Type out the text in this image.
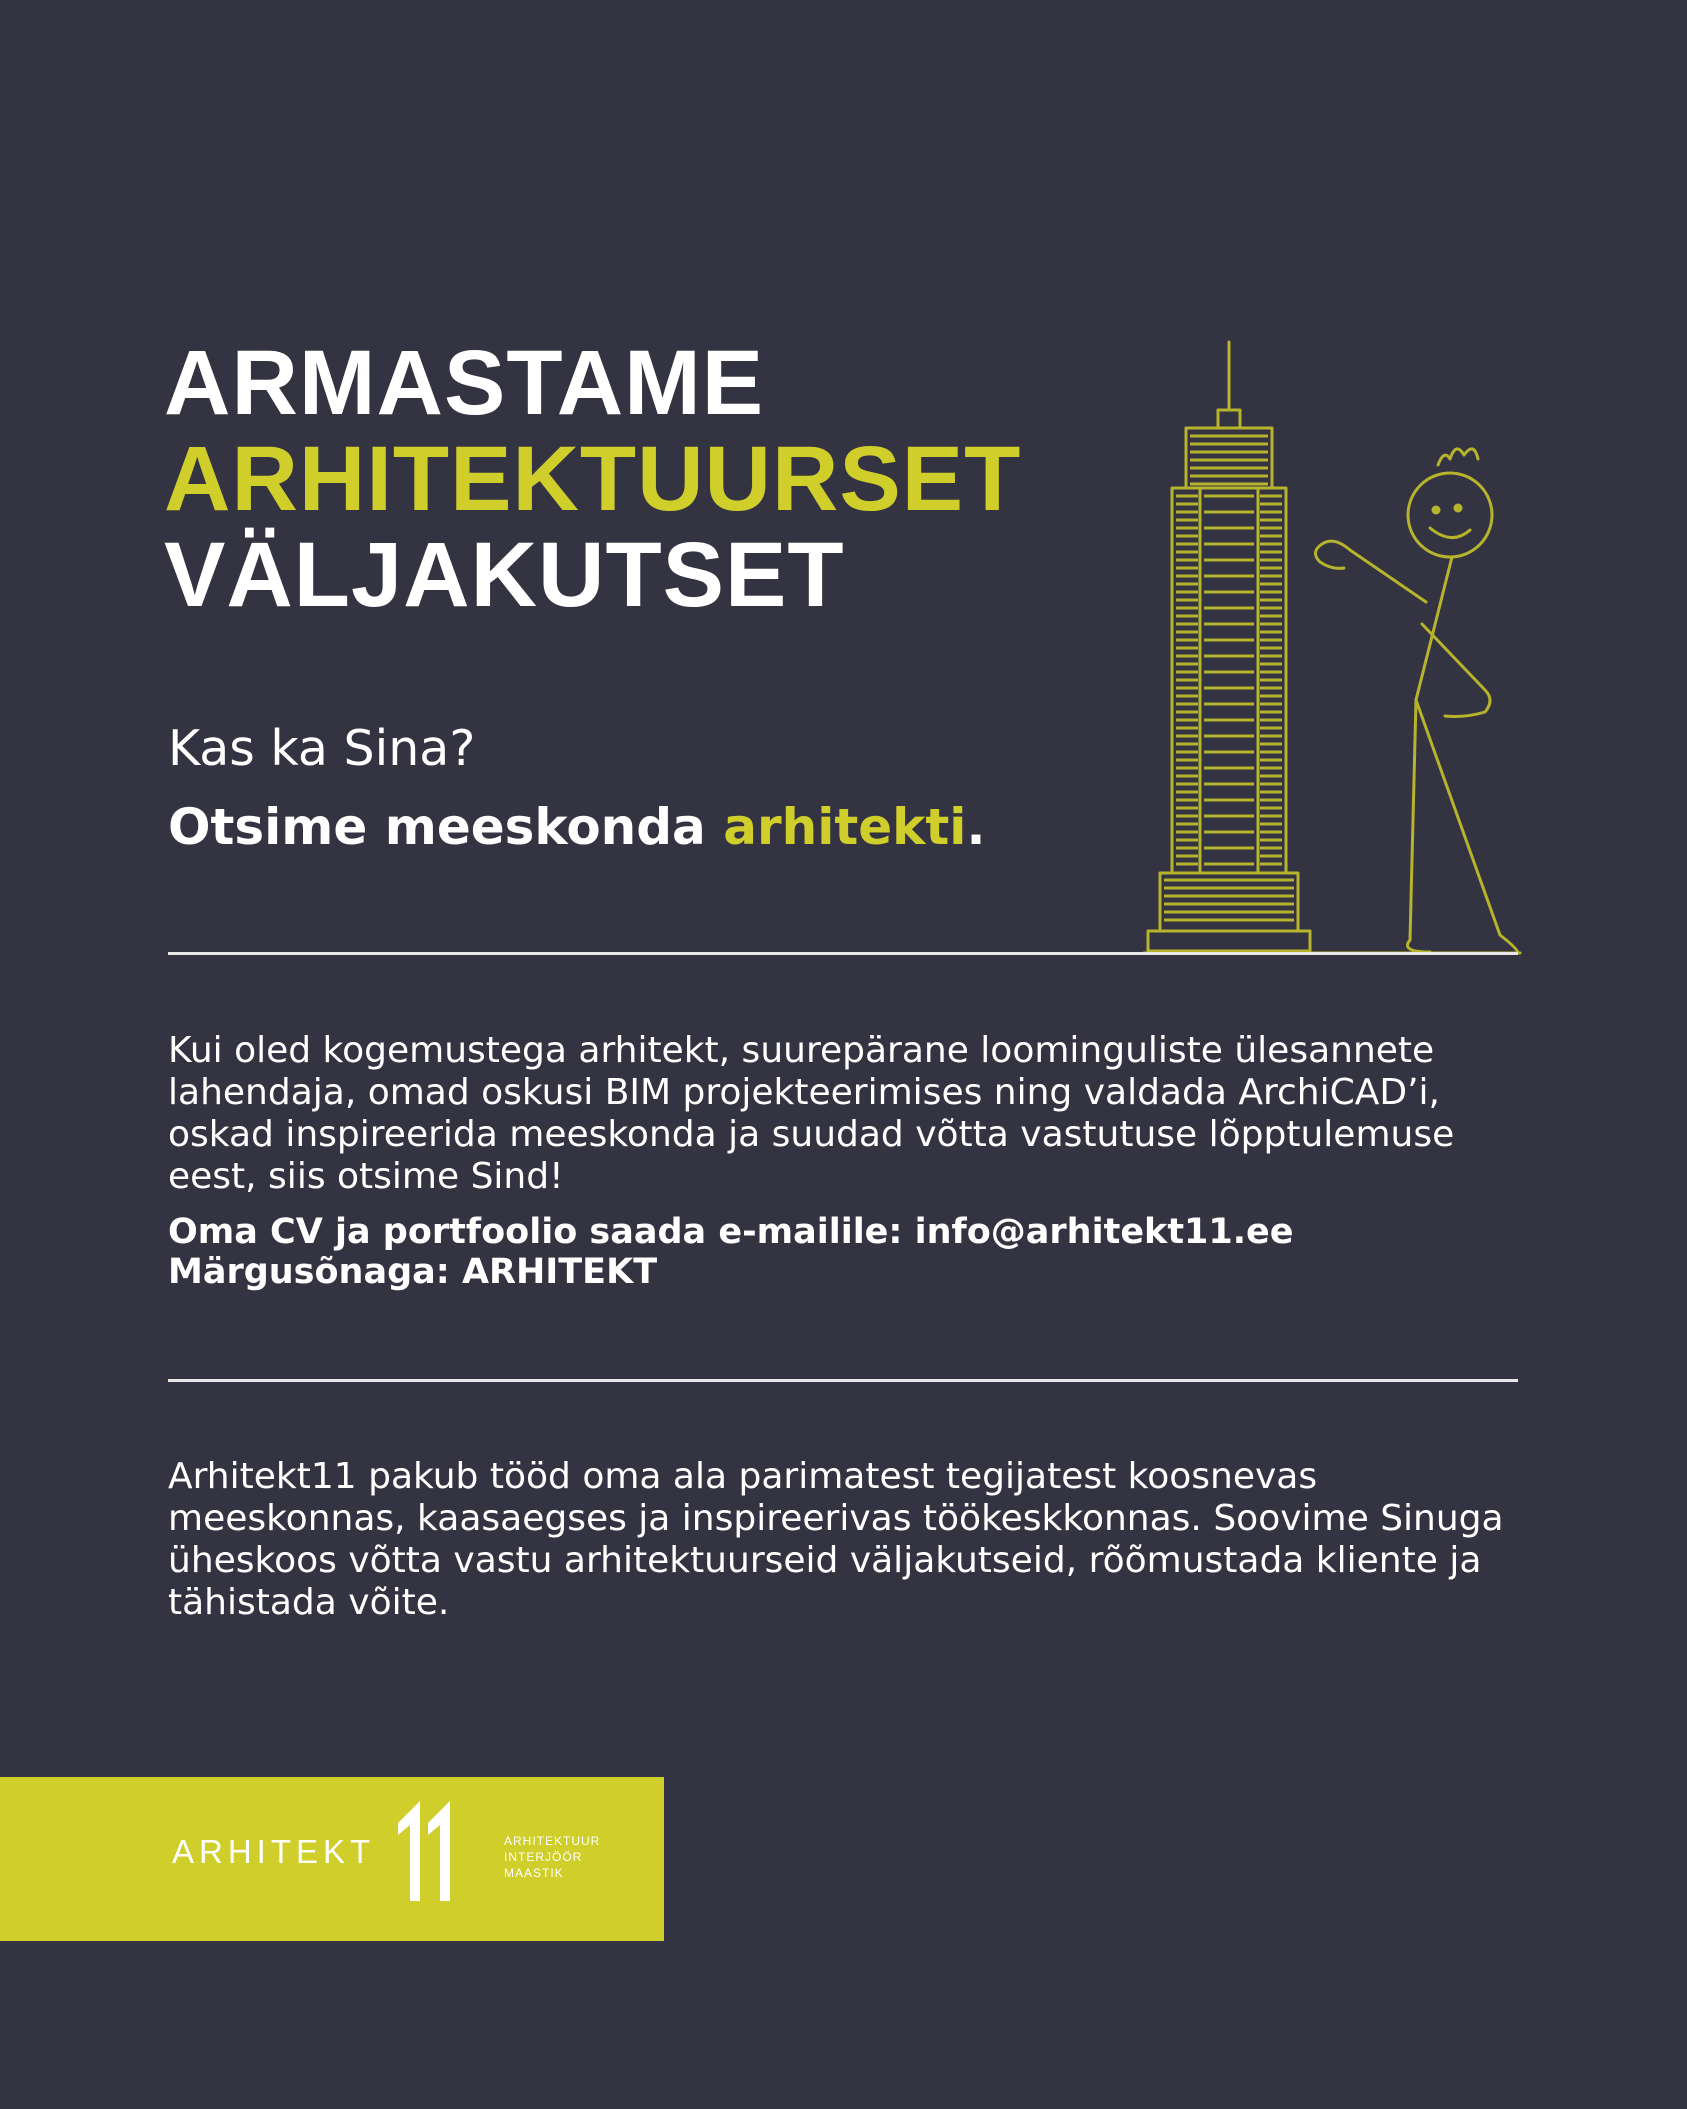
ARMASTAME
ARHITEKTUURSET
VÄLJAKUTSET

Kas ka Sina?

Otsime meeskonda arhitekti.

Kui oled kogemustega arhitekt, suurepärane loominguliste ülesannete lahendaja, omad oskusi BIM projekteerimises ning valdada ArchiCAD’i, oskad inspireerida meeskonda ja suudad võtta vastutuse lõpptulemuse eest, siis otsime Sind!

Oma CV ja portfoolio saada e-mailile: info@arhitekt11.ee
Märgusõnaga: ARHITEKT

Arhitekt11 pakub tööd oma ala parimatest tegijatest koosnevas meeskonnas, kaasaegses ja inspireerivas töökeskkonnas. Soovime Sinuga üheskoos võtta vastu arhitektuurseid väljakutseid, rõõmustada kliente ja tähistada võite.

ARHITEKT	ARHITEKTUUR
INTERJÖÖR
MAASTIK
